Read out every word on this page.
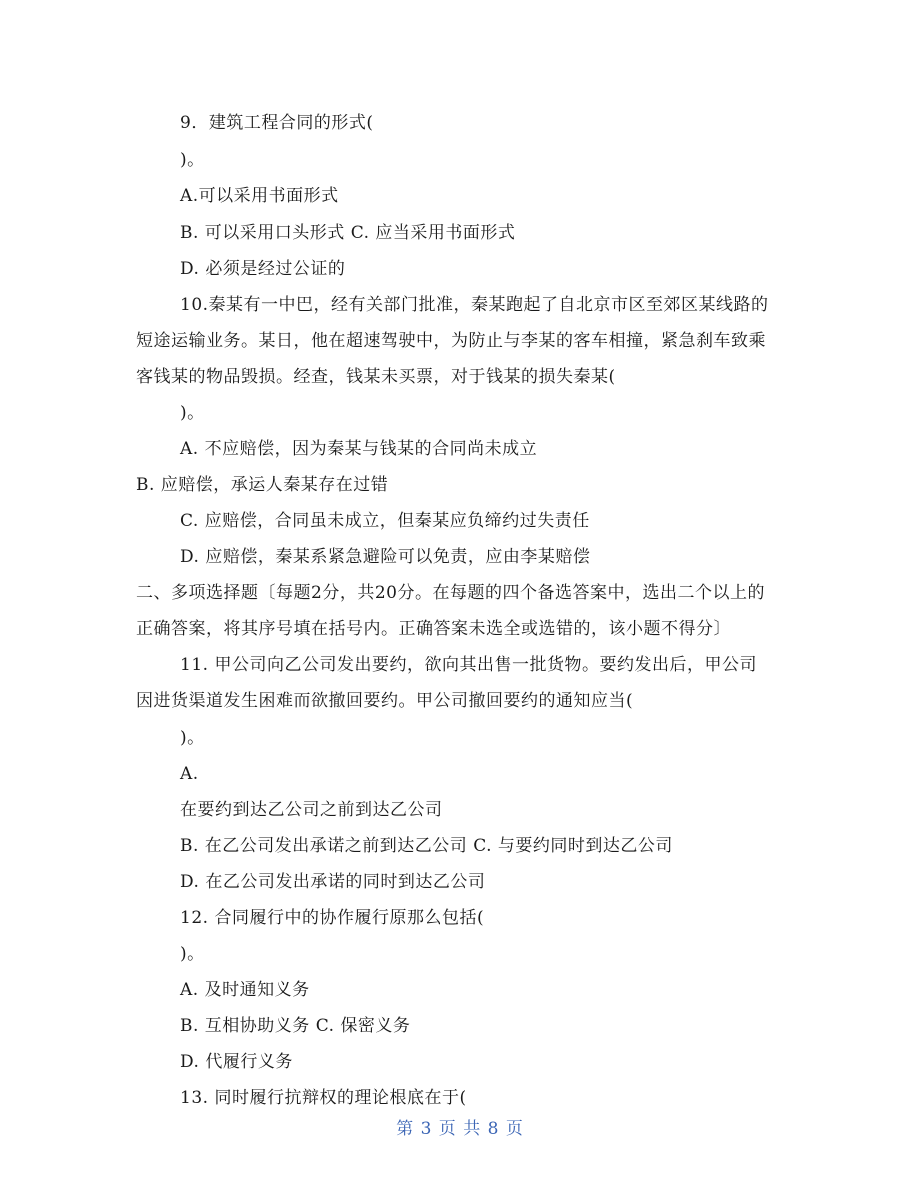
9．建筑工程合同的形式(
)。
A.可以采用书面形式
B. 可以采用口头形式 C. 应当采用书面形式
D. 必须是经过公证的
10.秦某有一中巴，经有关部门批准，秦某跑起了自北京市区至郊区某线路的
短途运输业务。某日，他在超速驾驶中，为防止与李某的客车相撞，紧急刹车致乘
客钱某的物品毁损。经查，钱某未买票，对于钱某的损失秦某(
)。
A. 不应赔偿，因为秦某与钱某的合同尚未成立
B. 应赔偿，承运人秦某存在过错
C. 应赔偿，合同虽未成立，但秦某应负缔约过失责任
D. 应赔偿，秦某系紧急避险可以免责，应由李某赔偿
二、多项选择题〔每题2分，共20分。在每题的四个备选答案中，选出二个以上的
正确答案，将其序号填在括号内。正确答案未选全或选错的，该小题不得分〕
11. 甲公司向乙公司发出要约，欲向其出售一批货物。要约发出后，甲公司
因进货渠道发生困难而欲撤回要约。甲公司撤回要约的通知应当(
)。
A.
在要约到达乙公司之前到达乙公司
B. 在乙公司发出承诺之前到达乙公司 C. 与要约同时到达乙公司
D. 在乙公司发出承诺的同时到达乙公司
12. 合同履行中的协作履行原那么包括(
)。
A. 及时通知义务
B. 互相协助义务 C. 保密义务
D. 代履行义务
13. 同时履行抗辩权的理论根底在于(
第 3 页 共 8 页
